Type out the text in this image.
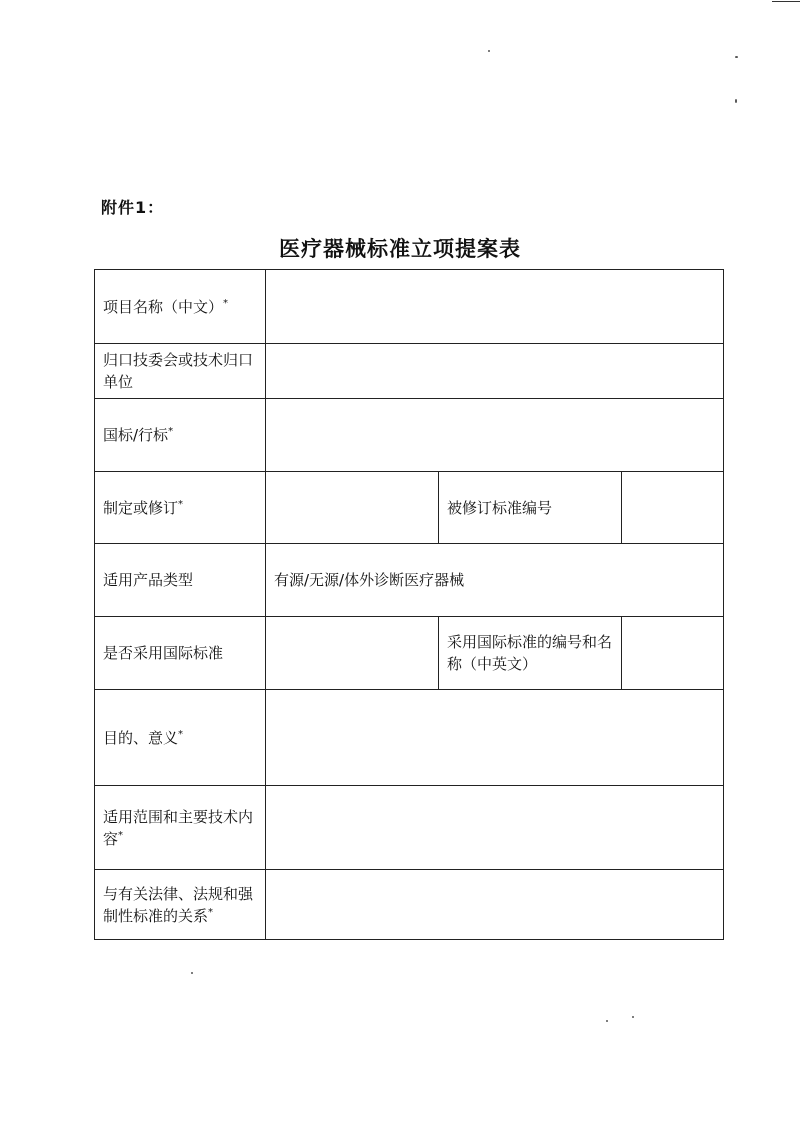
附件1：
医疗器械标准立项提案表
项目名称（中文）*	
归口技委会或技术归口单位			
国标/行标*	
制定或修订*		被修订标准编号	
适用产品类型	有源/无源/体外诊断医疗器械		
是否采用国际标准		采用国际标准的编号和名称（中英文）	
目的、意义*	
适用范围和主要技术内容*	
与有关法律、法规和强制性标准的关系*	
